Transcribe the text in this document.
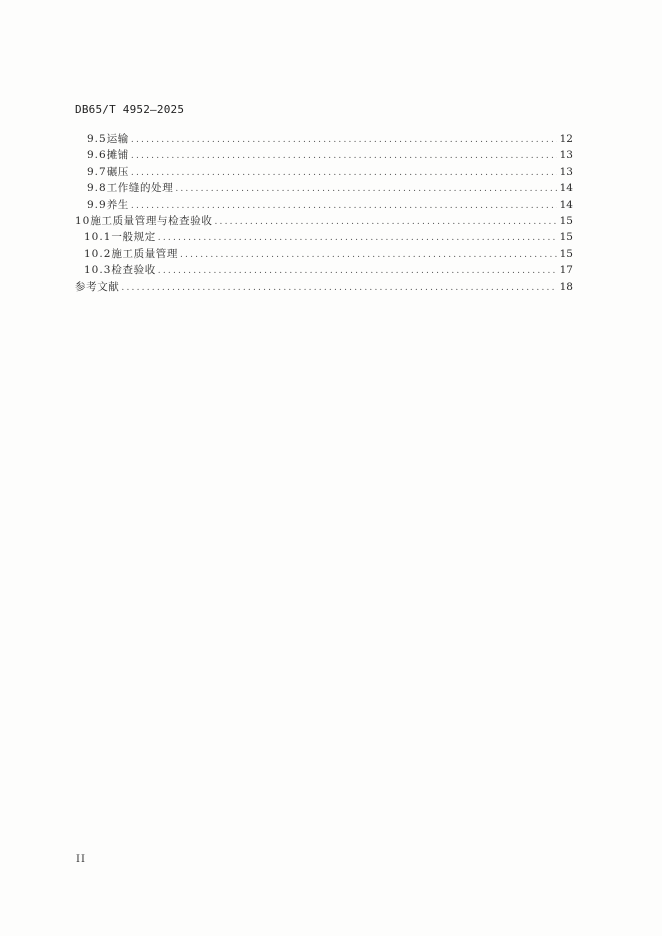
DB65/T 4952—2025
9.5 运输 .....	12
9.6 摊铺 .....	13
9.7 碾压 .....	13
9.8 工作缝的处理 .....	14
9.9 养生 .....	14
10 施工质量管理与检查验收 .....	15
10.1 一般规定 .....	15
10.2 施工质量管理 .....	15
10.3 检查验收 .....	17
参考文献 .....	18
II
